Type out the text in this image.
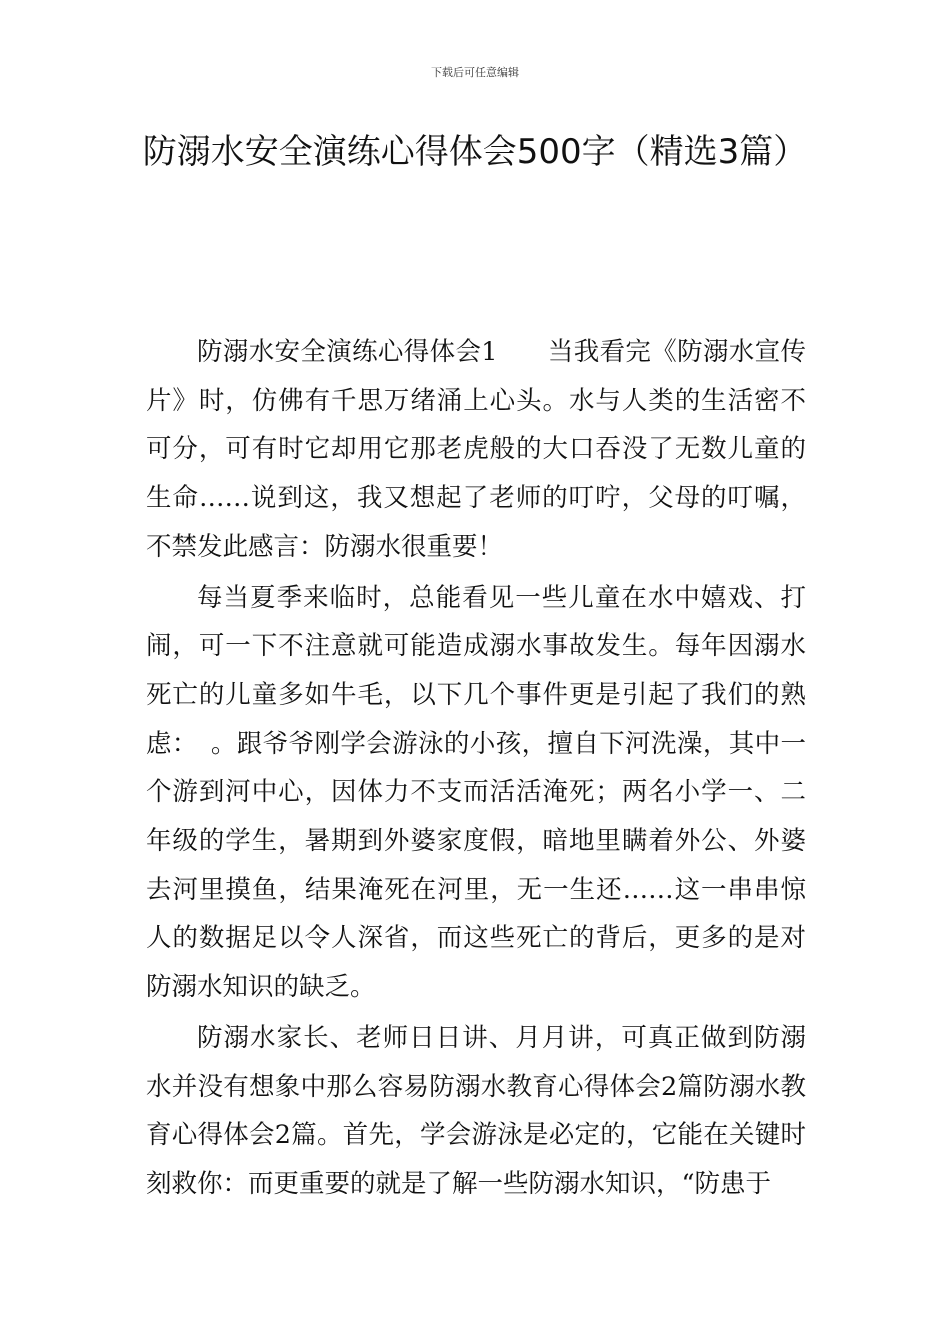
下载后可任意编辑
防溺水安全演练心得体会500字（精选3篇）

防溺水安全演练心得体会1 当我看完《防溺水宣传片》时，仿佛有千思万绪涌上心头。水与人类的生活密不可分，可有时它却用它那老虎般的大口吞没了无数儿童的生命……说到这，我又想起了老师的叮咛，父母的叮嘱，不禁发此感言：防溺水很重要！

每当夏季来临时，总能看见一些儿童在水中嬉戏、打闹，可一下不注意就可能造成溺水事故发生。每年因溺水死亡的儿童多如牛毛，以下几个事件更是引起了我们的熟虑：　。跟爷爷刚学会游泳的小孩，擅自下河洗澡，其中一个游到河中心，因体力不支而活活淹死；两名小学一、二年级的学生，暑期到外婆家度假，暗地里瞒着外公、外婆去河里摸鱼，结果淹死在河里，无一生还……这一串串惊人的数据足以令人深省，而这些死亡的背后，更多的是对防溺水知识的缺乏。

防溺水家长、老师日日讲、月月讲，可真正做到防溺水并没有想象中那么容易防溺水教育心得体会2篇防溺水教育心得体会2篇。首先，学会游泳是必定的，它能在关键时刻救你：而更重要的就是了解一些防溺水知识，“防患于
